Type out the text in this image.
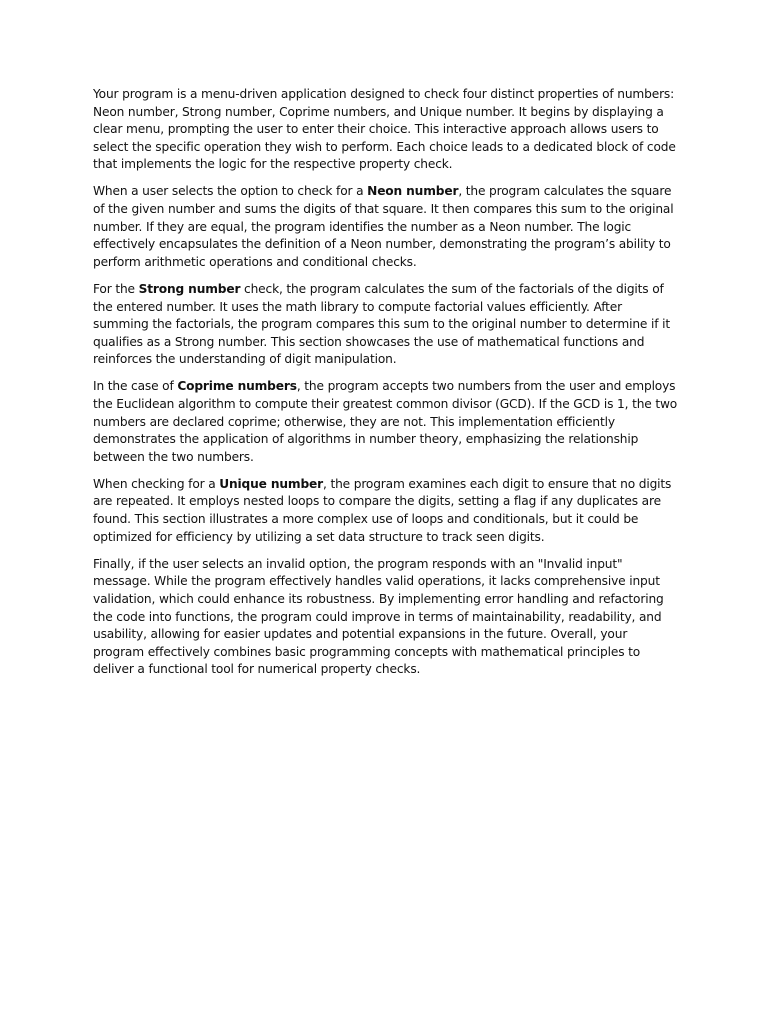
Your program is a menu-driven application designed to check four distinct properties of numbers: Neon number, Strong number, Coprime numbers, and Unique number. It begins by displaying a clear menu, prompting the user to enter their choice. This interactive approach allows users to select the specific operation they wish to perform. Each choice leads to a dedicated block of code that implements the logic for the respective property check.

When a user selects the option to check for a Neon number, the program calculates the square of the given number and sums the digits of that square. It then compares this sum to the original number. If they are equal, the program identifies the number as a Neon number. The logic effectively encapsulates the definition of a Neon number, demonstrating the program’s ability to perform arithmetic operations and conditional checks.

For the Strong number check, the program calculates the sum of the factorials of the digits of the entered number. It uses the math library to compute factorial values efficiently. After summing the factorials, the program compares this sum to the original number to determine if it qualifies as a Strong number. This section showcases the use of mathematical functions and reinforces the understanding of digit manipulation.

In the case of Coprime numbers, the program accepts two numbers from the user and employs the Euclidean algorithm to compute their greatest common divisor (GCD). If the GCD is 1, the two numbers are declared coprime; otherwise, they are not. This implementation efficiently demonstrates the application of algorithms in number theory, emphasizing the relationship between the two numbers.

When checking for a Unique number, the program examines each digit to ensure that no digits are repeated. It employs nested loops to compare the digits, setting a flag if any duplicates are found. This section illustrates a more complex use of loops and conditionals, but it could be optimized for efficiency by utilizing a set data structure to track seen digits.

Finally, if the user selects an invalid option, the program responds with an "Invalid input" message. While the program effectively handles valid operations, it lacks comprehensive input validation, which could enhance its robustness. By implementing error handling and refactoring the code into functions, the program could improve in terms of maintainability, readability, and usability, allowing for easier updates and potential expansions in the future. Overall, your program effectively combines basic programming concepts with mathematical principles to deliver a functional tool for numerical property checks.
